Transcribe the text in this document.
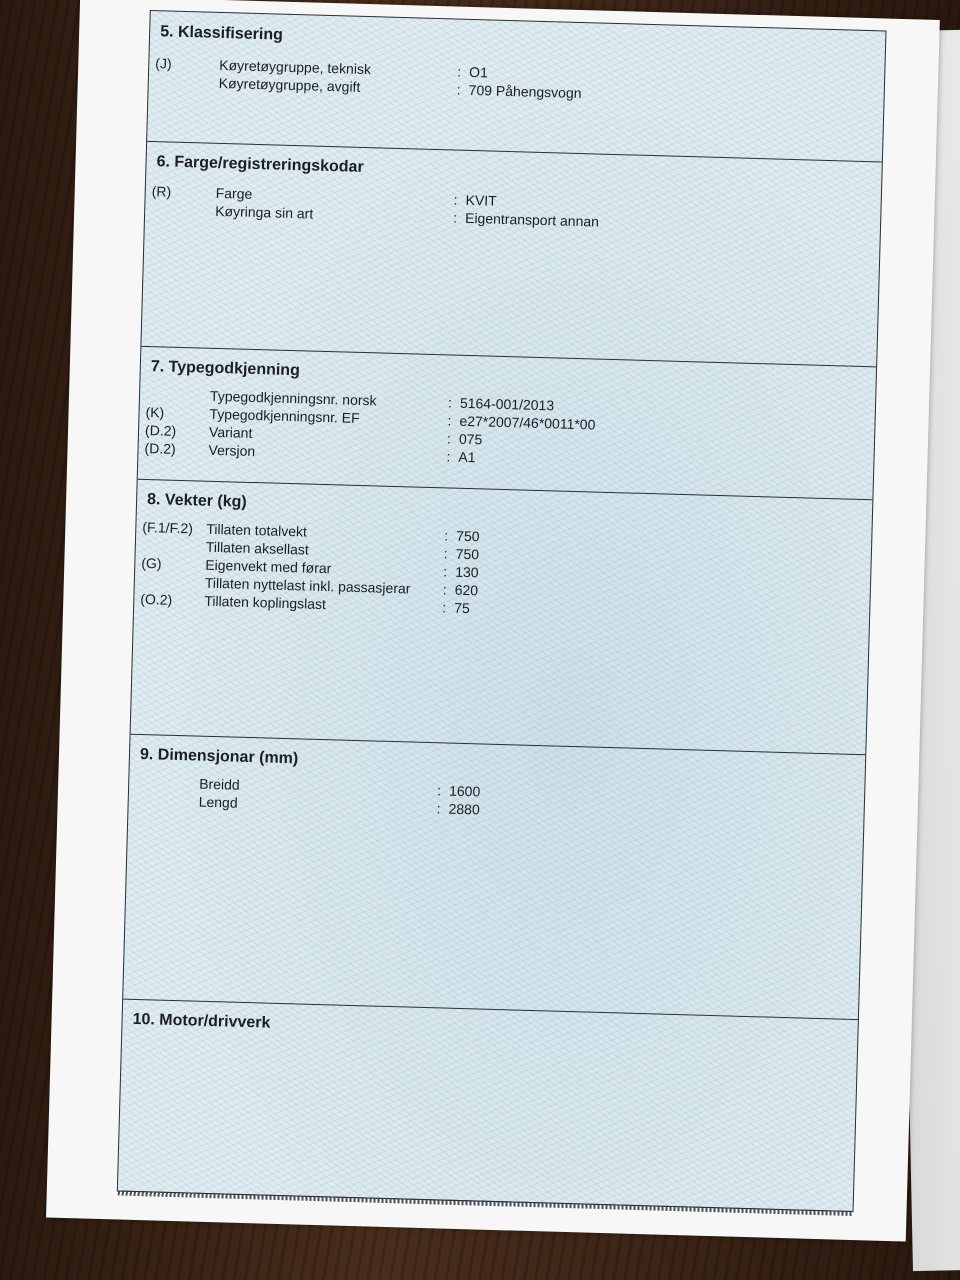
5. Klassifisering
(J)	Køyretøygruppe, teknisk	: O1
Køyretøygruppe, avgift	: 709 Påhengsvogn
6. Farge/registreringskodar
(R)	Farge	: KVIT
Køyringa sin art	: Eigentransport annan
7. Typegodkjenning
Typegodkjenningsnr. norsk	: 5164-001/2013
(K)	Typegodkjenningsnr. EF	: e27*2007/46*0011*00
(D.2) Variant	: 075
(D.2) Versjon	: A1
8. Vekter (kg)
(F.1/F.2) Tillaten totalvekt	: 750
Tillaten aksellast	: 750
(G)	Eigenvekt med førar	: 130
Tillaten nyttelast inkl. passasjerar : 620
(O.2) Tillaten koplingslast	: 75
9. Dimensjonar (mm)
Breidd	: 1600
Lengd	: 2880
10. Motor/drivverk
